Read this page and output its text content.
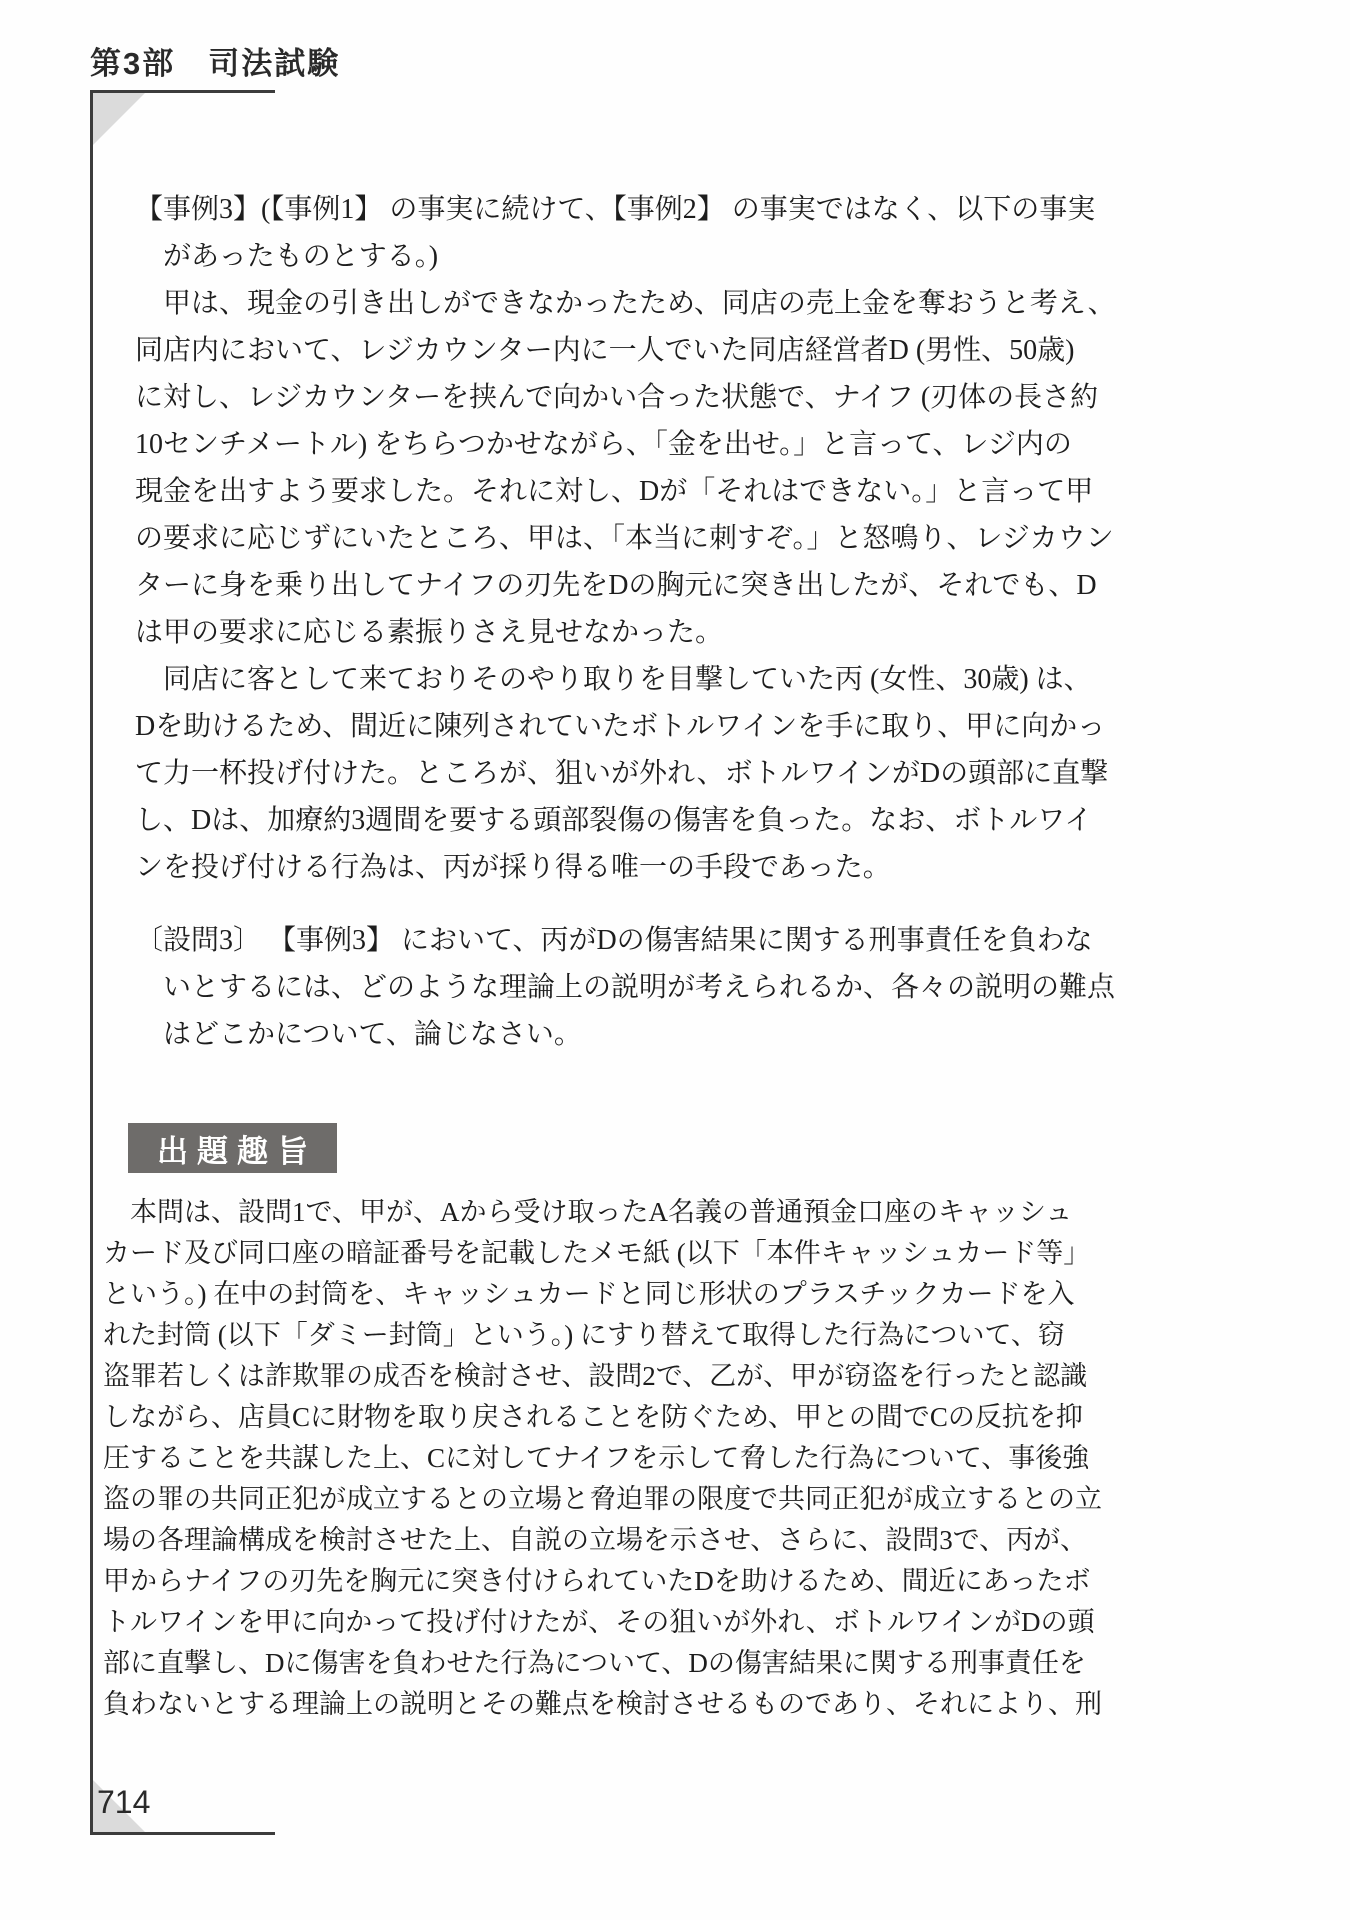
第3部　司法試験
【事例3】(【事例1】 の事実に続けて、【事例2】 の事実ではなく、以下の事実
　があったものとする。)
　甲は、現金の引き出しができなかったため、同店の売上金を奪おうと考え、
同店内において、レジカウンター内に一人でいた同店経営者D (男性、50歳)
に対し、レジカウンターを挟んで向かい合った状態で、ナイフ (刃体の長さ約
10センチメートル) をちらつかせながら、「金を出せ。」と言って、レジ内の
現金を出すよう要求した。それに対し、Dが「それはできない。」と言って甲
の要求に応じずにいたところ、甲は、「本当に刺すぞ。」と怒鳴り、レジカウン
ターに身を乗り出してナイフの刃先をDの胸元に突き出したが、それでも、D
は甲の要求に応じる素振りさえ見せなかった。
　同店に客として来ておりそのやり取りを目撃していた丙 (女性、30歳) は、
Dを助けるため、間近に陳列されていたボトルワインを手に取り、甲に向かっ
て力一杯投げ付けた。ところが、狙いが外れ、ボトルワインがDの頭部に直撃
し、Dは、加療約3週間を要する頭部裂傷の傷害を負った。なお、ボトルワイ
ンを投げ付ける行為は、丙が採り得る唯一の手段であった。
〔設問3〕 【事例3】 において、丙がDの傷害結果に関する刑事責任を負わな
　いとするには、どのような理論上の説明が考えられるか、各々の説明の難点
　はどこかについて、論じなさい。
出題趣旨
　本問は、設問1で、甲が、Aから受け取ったA名義の普通預金口座のキャッシュ
カード及び同口座の暗証番号を記載したメモ紙 (以下「本件キャッシュカード等」
という。) 在中の封筒を、キャッシュカードと同じ形状のプラスチックカードを入
れた封筒 (以下「ダミー封筒」という。) にすり替えて取得した行為について、窃
盗罪若しくは詐欺罪の成否を検討させ、設問2で、乙が、甲が窃盗を行ったと認識
しながら、店員Cに財物を取り戻されることを防ぐため、甲との間でCの反抗を抑
圧することを共謀した上、Cに対してナイフを示して脅した行為について、事後強
盗の罪の共同正犯が成立するとの立場と脅迫罪の限度で共同正犯が成立するとの立
場の各理論構成を検討させた上、自説の立場を示させ、さらに、設問3で、丙が、
甲からナイフの刃先を胸元に突き付けられていたDを助けるため、間近にあったボ
トルワインを甲に向かって投げ付けたが、その狙いが外れ、ボトルワインがDの頭
部に直撃し、Dに傷害を負わせた行為について、Dの傷害結果に関する刑事責任を
負わないとする理論上の説明とその難点を検討させるものであり、それにより、刑
714
